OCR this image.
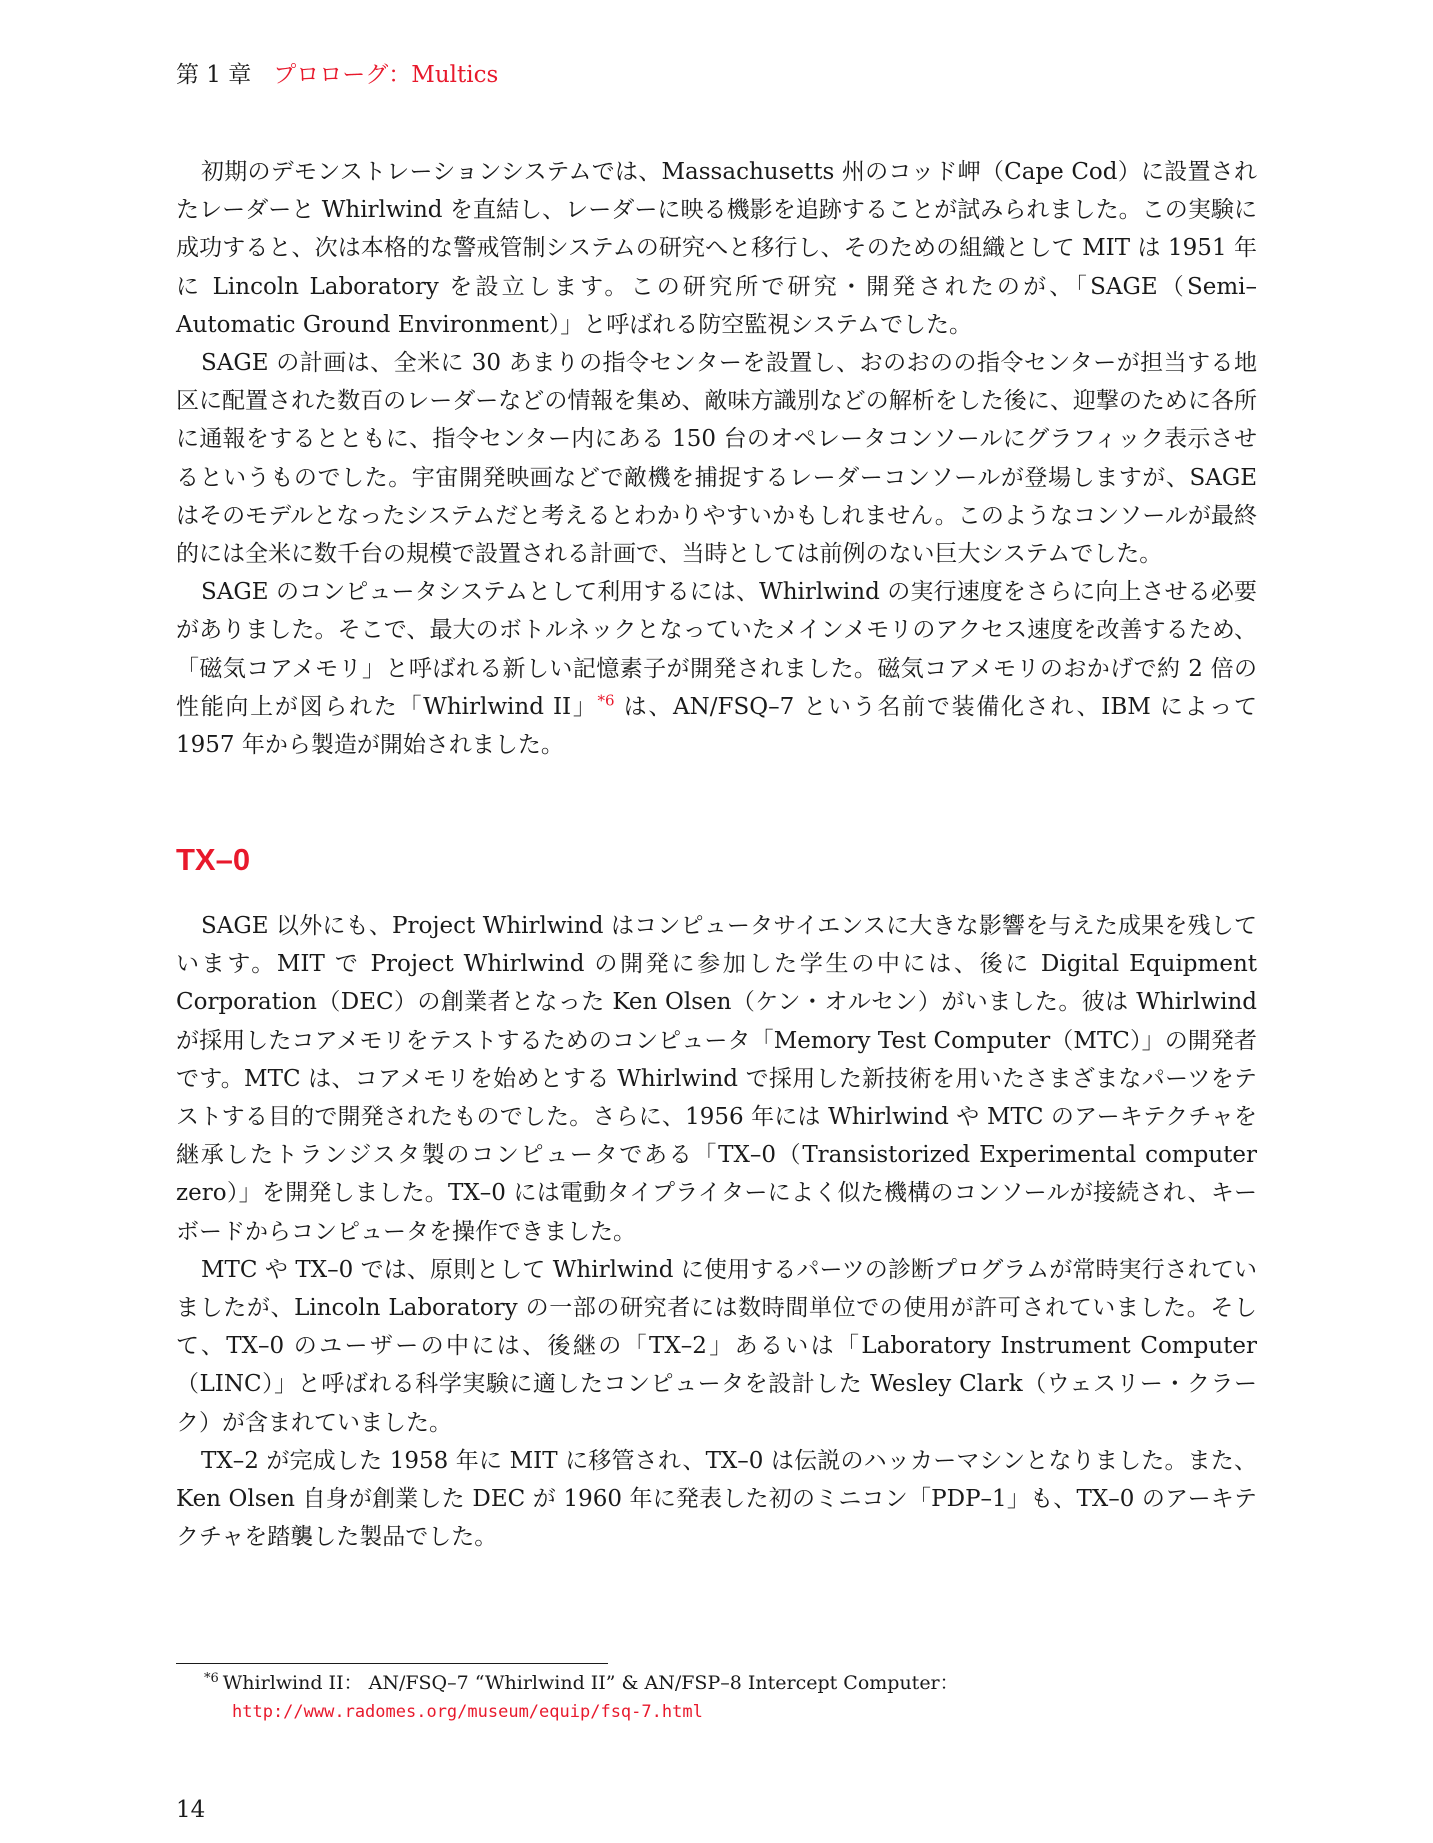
第 1 章 プロローグ：Multics

初期のデモンストレーションシステムでは、Massachusetts 州のコッド岬（Cape Cod）に設置されたレーダーと Whirlwind を直結し、レーダーに映る機影を追跡することが試みられました。この実験に成功すると、次は本格的な警戒管制システムの研究へと移行し、そのための組織として MIT は 1951 年に Lincoln Laboratory を設立します。この研究所で研究・開発されたのが、「SAGE（Semi–Automatic Ground Environment）」と呼ばれる防空監視システムでした。

SAGE の計画は、全米に 30 あまりの指令センターを設置し、おのおのの指令センターが担当する地区に配置された数百のレーダーなどの情報を集め、敵味方識別などの解析をした後に、迎撃のために各所に通報をするとともに、指令センター内にある 150 台のオペレータコンソールにグラフィック表示させるというものでした。宇宙開発映画などで敵機を捕捉するレーダーコンソールが登場しますが、SAGE はそのモデルとなったシステムだと考えるとわかりやすいかもしれません。このようなコンソールが最終的には全米に数千台の規模で設置される計画で、当時としては前例のない巨大システムでした。

SAGE のコンピュータシステムとして利用するには、Whirlwind の実行速度をさらに向上させる必要がありました。そこで、最大のボトルネックとなっていたメインメモリのアクセス速度を改善するため、「磁気コアメモリ」と呼ばれる新しい記憶素子が開発されました。磁気コアメモリのおかげで約 2 倍の性能向上が図られた「Whirlwind II」$^{*6}$ は、AN/FSQ–7 という名前で装備化され、IBM によって 1957 年から製造が開始されました。

TX–0

SAGE 以外にも、Project Whirlwind はコンピュータサイエンスに大きな影響を与えた成果を残しています。MIT で Project Whirlwind の開発に参加した学生の中には、後に Digital Equipment Corporation（DEC）の創業者となった Ken Olsen（ケン・オルセン）がいました。彼は Whirlwind が採用したコアメモリをテストするためのコンピュータ「Memory Test Computer（MTC）」の開発者です。MTC は、コアメモリを始めとする Whirlwind で採用した新技術を用いたさまざまなパーツをテストする目的で開発されたものでした。さらに、1956 年には Whirlwind や MTC のアーキテクチャを継承したトランジスタ製のコンピュータである「TX–0（Transistorized Experimental computer zero）」を開発しました。TX–0 には電動タイプライターによく似た機構のコンソールが接続され、キーボードからコンピュータを操作できました。

MTC や TX–0 では、原則として Whirlwind に使用するパーツの診断プログラムが常時実行されていましたが、Lincoln Laboratory の一部の研究者には数時間単位での使用が許可されていました。そして、TX–0 のユーザーの中には、後継の「TX–2」あるいは「Laboratory Instrument Computer（LINC）」と呼ばれる科学実験に適したコンピュータを設計した Wesley Clark（ウェスリー・クラーク）が含まれていました。

TX–2 が完成した 1958 年に MIT に移管され、TX–0 は伝説のハッカーマシンとなりました。また、Ken Olsen 自身が創業した DEC が 1960 年に発表した初のミニコン「PDP–1」も、TX–0 のアーキテクチャを踏襲した製品でした。

$^{*6}$ Whirlwind II： AN/FSQ–7 “Whirlwind II” & AN/FSP–8 Intercept Computer：
http://www.radomes.org/museum/equip/fsq-7.html
14
